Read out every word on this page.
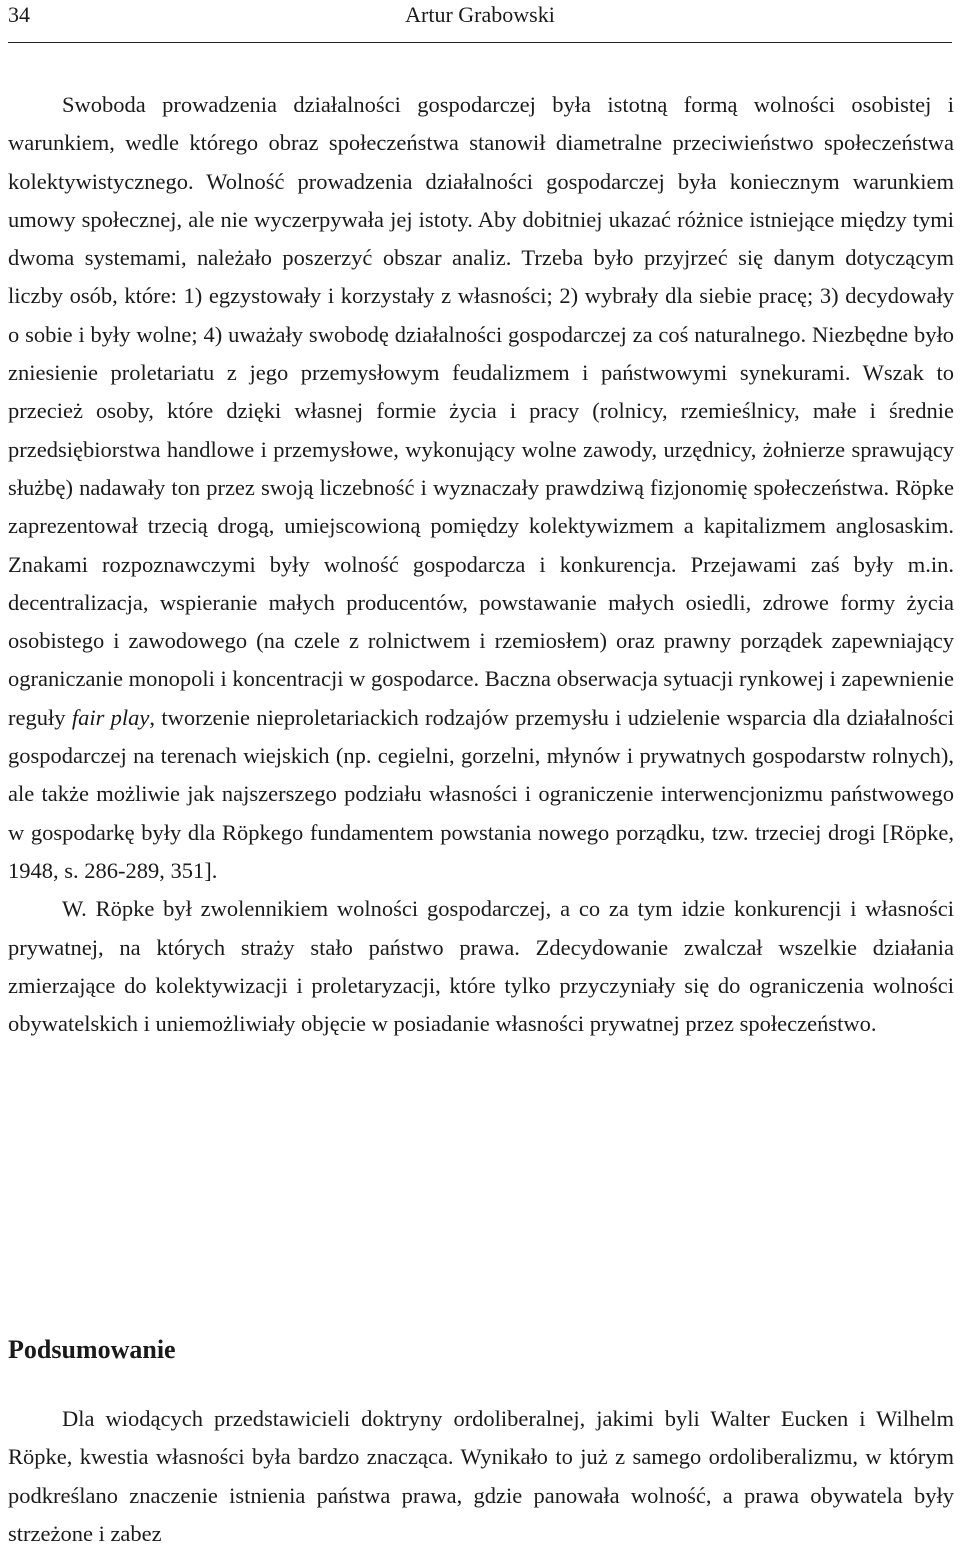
34	Artur Grabowski

Swoboda prowadzenia działalności gospodarczej była istotną formą wolności osobistej i warunkiem, wedle którego obraz społeczeństwa stanowił diametralne przeciwieństwo społeczeństwa kolektywistycznego. Wolność prowadzenia działalności gospodarczej była koniecznym warunkiem umowy społecznej, ale nie wyczerpywała jej istoty. Aby dobitniej ukazać różnice istniejące między tymi dwoma systemami, należało poszerzyć obszar analiz. Trzeba było przyjrzeć się danym dotyczącym liczby osób, które: 1) egzystowały i korzystały z własności; 2) wybrały dla siebie pracę; 3) decydowały o sobie i były wolne; 4) uważały swobodę działalności gospodarczej za coś naturalnego. Niezbędne było zniesienie proletariatu z jego przemysłowym feudalizmem i państwowymi synekurami. Wszak to przecież osoby, które dzięki własnej formie życia i pracy (rolnicy, rzemieślnicy, małe i średnie przedsiębiorstwa handlowe i przemysłowe, wykonujący wolne zawody, urzędnicy, żołnierze sprawujący służbę) nadawały ton przez swoją liczebność i wyznaczały prawdziwą fizjonomię społeczeństwa. Röpke zaprezentował trzecią drogą, umiejscowioną pomiędzy kolektywizmem a kapitalizmem anglosaskim. Znakami rozpoznawczymi były wolność gospodarcza i konkurencja. Przejawami zaś były m.in. decentralizacja, wspieranie małych producentów, powstawanie małych osiedli, zdrowe formy życia osobistego i zawodowego (na czele z rolnictwem i rzemiosłem) oraz prawny porządek zapewniający ograniczanie monopoli i koncentracji w gospodarce. Baczna obserwacja sytuacji rynkowej i zapewnienie reguły fair play, tworzenie nieproletariackich rodzajów przemysłu i udzielenie wsparcia dla działalności gospodarczej na terenach wiejskich (np. cegielni, gorzelni, młynów i prywatnych gospodarstw rolnych), ale także możliwie jak najszerszego podziału własności i ograniczenie interwencjonizmu państwowego w gospodarkę były dla Röpkego fundamentem powstania nowego porządku, tzw. trzeciej drogi [Röpke, 1948, s. 286-289, 351].

W. Röpke był zwolennikiem wolności gospodarczej, a co za tym idzie konkurencji i własności prywatnej, na których straży stało państwo prawa. Zdecydowanie zwalczał wszelkie działania zmierzające do kolektywizacji i proletaryzacji, które tylko przyczyniały się do ograniczenia wolności obywatelskich i uniemożliwiały objęcie w posiadanie własności prywatnej przez społeczeństwo.

Podsumowanie

Dla wiodących przedstawicieli doktryny ordoliberalnej, jakimi byli Walter Eucken i Wilhelm Röpke, kwestia własności była bardzo znacząca. Wynikało to już z samego ordoliberalizmu, w którym podkreślano znaczenie istnienia państwa prawa, gdzie panowała wolność, a prawa obywatela były strzeżone i zabez
